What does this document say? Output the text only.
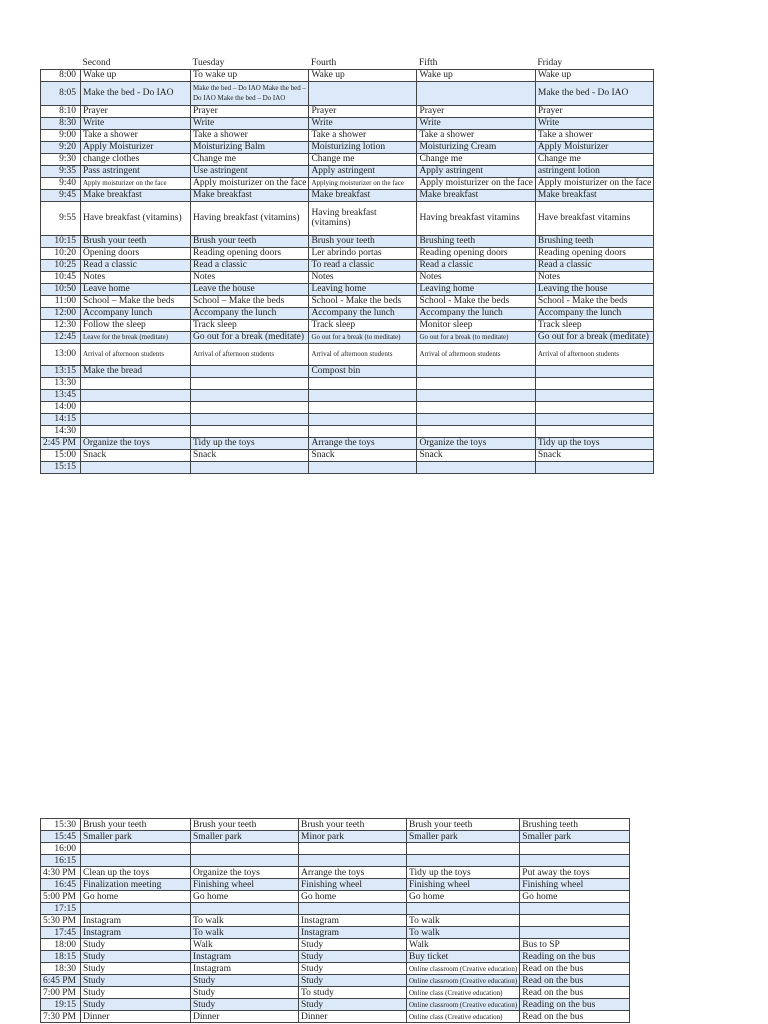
	Second	Tuesday	Fourth	Fifth	Friday
8:00	Wake up	To wake up	Wake up	Wake up	Wake up
8:05	Make the bed - Do IAO	Make the bed – Do IAO Make the bed – Do IAO Make the bed – Do IAO			Make the bed - Do IAO
8:10	Prayer	Prayer	Prayer	Prayer	Prayer
8:30	Write	Write	Write	Write	Write
9:00	Take a shower	Take a shower	Take a shower	Take a shower	Take a shower
9:20	Apply Moisturizer	Moisturizing Balm	Moisturizing lotion	Moisturizing Cream	Apply Moisturizer
9:30	change clothes	Change me	Change me	Change me	Change me
9:35	Pass astringent	Use astringent	Apply astringent	Apply astringent	astringent lotion
9:40	Apply moisturizer on the face	Apply moisturizer on the face	Applying moisturizer on the face	Apply moisturizer on the face	Apply moisturizer on the face
9:45	Make breakfast	Make breakfast	Make breakfast	Make breakfast	Make breakfast
9:55	Have breakfast (vitamins)	Having breakfast (vitamins)	Having breakfast (vitamins)	Having breakfast vitamins	Have breakfast vitamins
10:15	Brush your teeth	Brush your teeth	Brush your teeth	Brushing teeth	Brushing teeth
10:20	Opening doors	Reading opening doors	Ler abrindo portas	Reading opening doors	Reading opening doors
10:25	Read a classic	Read a classic	To read a classic	Read a classic	Read a classic
10:45	Notes	Notes	Notes	Notes	Notes
10:50	Leave home	Leave the house	Leaving home	Leaving home	Leaving the house
11:00	School – Make the beds	School – Make the beds	School - Make the beds	School - Make the beds	School - Make the beds
12:00	Accompany lunch	Accompany the lunch	Accompany the lunch	Accompany the lunch	Accompany the lunch
12:30	Follow the sleep	Track sleep	Track sleep	Monitor sleep	Track sleep
12:45	Leave for the break (meditate)	Go out for a break (meditate)	Go out for a break (to meditate)	Go out for a break (to meditate)	Go out for a break (meditate)
13:00	Arrival of afternoon students	Arrival of afternoon students	Arrival of afternoon students	Arrival of afternoon students	Arrival of afternoon students
13:15	Make the bread		Compost bin		
13:30					
13:45					
14:00					
14:15					
14:30					
2:45 PM	Organize the toys	Tidy up the toys	Arrange the toys	Organize the toys	Tidy up the toys
15:00	Snack	Snack	Snack	Snack	Snack
15:15					
15:30	Brush your teeth	Brush your teeth	Brush your teeth	Brush your teeth	Brushing teeth
15:45	Smaller park	Smaller park	Minor park	Smaller park	Smaller park
16:00					
16:15					
4:30 PM	Clean up the toys	Organize the toys	Arrange the toys	Tidy up the toys	Put away the toys
16:45	Finalization meeting	Finishing wheel	Finishing wheel	Finishing wheel	Finishing wheel
5:00 PM	Go home	Go home	Go home	Go home	Go home
17:15					
5:30 PM	Instagram	To walk	Instagram	To walk	
17:45	Instagram	To walk	Instagram	To walk	
18:00	Study	Walk	Study	Walk	Bus to SP
18:15	Study	Instagram	Study	Buy ticket	Reading on the bus
18:30	Study	Instagram	Study	Online classroom (Creative education)	Read on the bus
6:45 PM	Study	Study	Study	Online classroom (Creative education)	Read on the bus
7:00 PM	Study	Study	To study	Online class (Creative education)	Read on the bus
19:15	Study	Study	Study	Online classroom (Creative education)	Reading on the bus
7:30 PM	Dinner	Dinner	Dinner	Online class (Creative education)	Read on the bus
